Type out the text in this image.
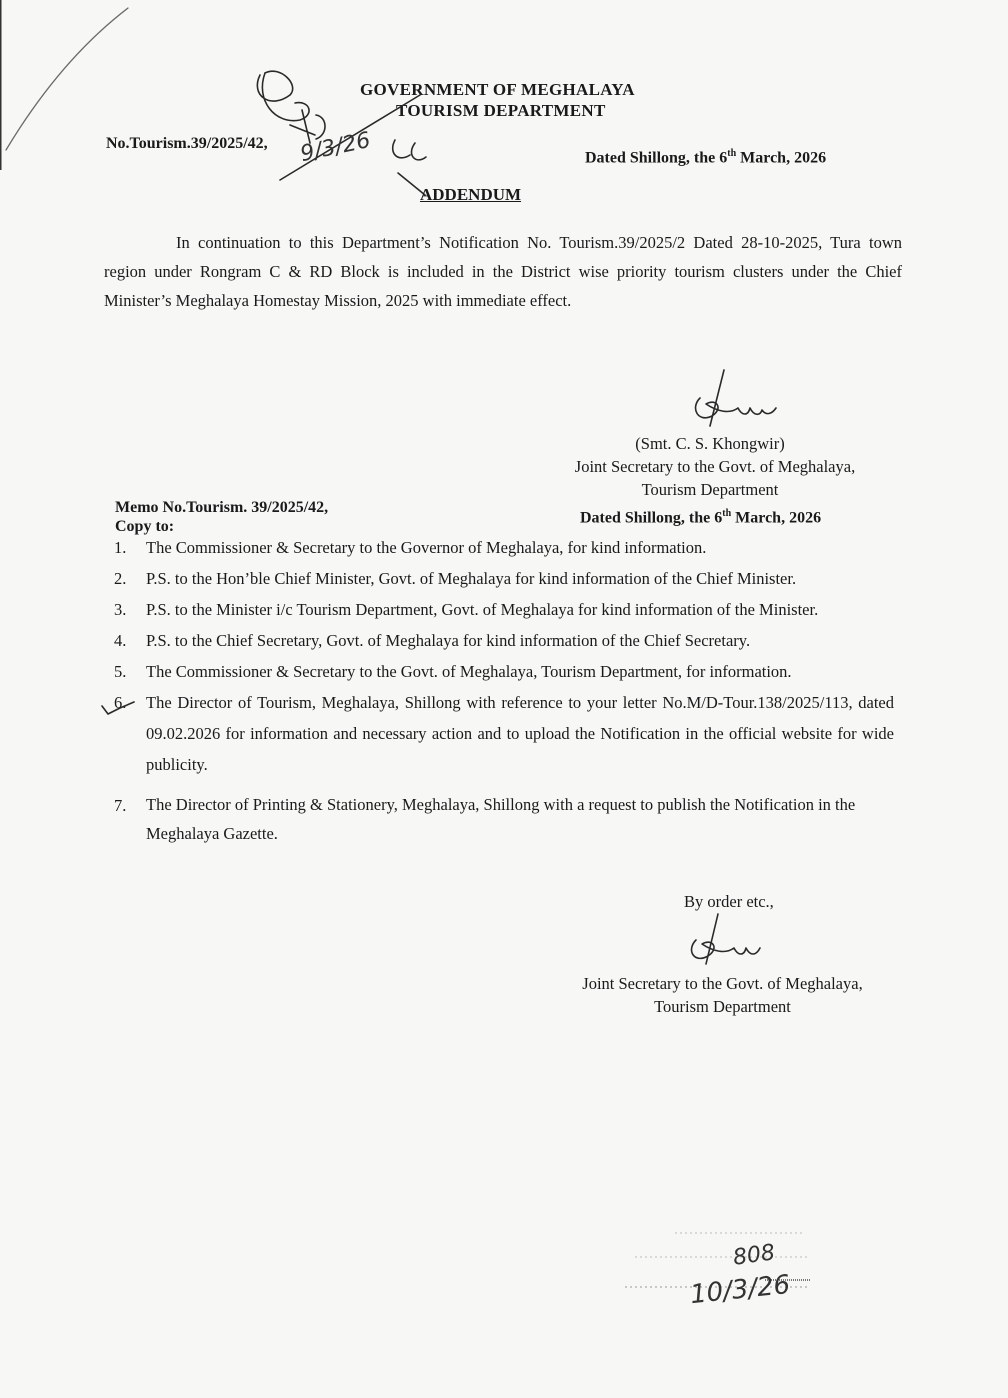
GOVERNMENT OF MEGHALAYA
TOURISM DEPARTMENT
9/3/26
No.Tourism.39/2025/42,
Dated Shillong, the 6th March, 2026
ADDENDUM
In continuation to this Department’s Notification No. Tourism.39/2025/2 Dated 28-10-2025, Tura town region under Rongram C & RD Block is included in the District wise priority tourism clusters under the Chief Minister’s Meghalaya Homestay Mission, 2025 with immediate effect.
(Smt. C. S. Khongwir)
Joint Secretary to the Govt. of Meghalaya,
Tourism Department
Memo No.Tourism. 39/2025/42,
Copy to:
Dated Shillong, the 6th March, 2026
1.	The Commissioner & Secretary to the Governor of Meghalaya, for kind information.
2.	P.S. to the Hon’ble Chief Minister, Govt. of Meghalaya for kind information of the Chief Minister.
3.	P.S. to the Minister i/c Tourism Department, Govt. of Meghalaya for kind information of the Minister.
4.	P.S. to the Chief Secretary, Govt. of Meghalaya for kind information of the Chief Secretary.
5.	The Commissioner & Secretary to the Govt. of Meghalaya, Tourism Department, for information.
6.	The Director of Tourism, Meghalaya, Shillong with reference to your letter No.M/D-Tour.138/2025/113, dated 09.02.2026 for information and necessary action and to upload the Notification in the official website for wide publicity.
7.	The Director of Printing & Stationery, Meghalaya, Shillong with a request to publish the Notification in the Meghalaya Gazette.
By order etc.,
Joint Secretary to the Govt. of Meghalaya,
Tourism Department
808
10/3/26
